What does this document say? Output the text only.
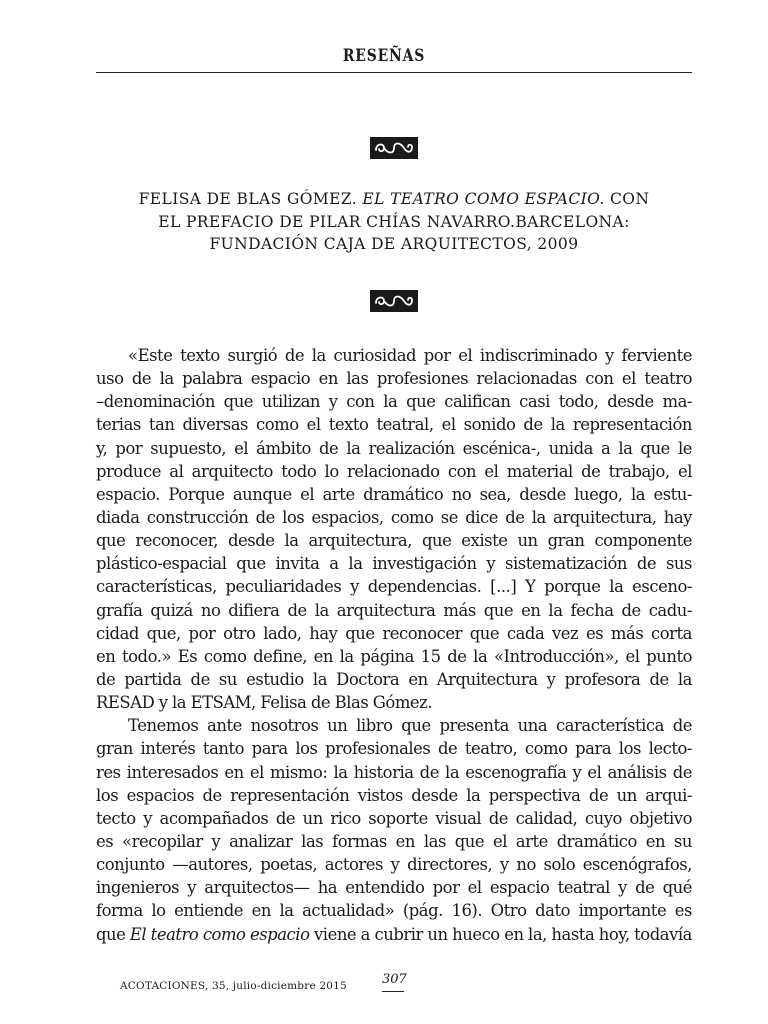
RESEÑAS
FELISA DE BLAS GÓMEZ. EL TEATRO COMO ESPACIO. CON
EL PREFACIO DE PILAR CHÍAS NAVARRO.BARCELONA:
FUNDACIÓN CAJA DE ARQUITECTOS, 2009
«Este texto surgió de la curiosidad por el indiscriminado y ferviente
uso de la palabra espacio en las profesiones relacionadas con el teatro
–denominación que utilizan y con la que califican casi todo, desde ma-
terias tan diversas como el texto teatral, el sonido de la representación
y, por supuesto, el ámbito de la realización escénica-, unida a la que le
produce al arquitecto todo lo relacionado con el material de trabajo, el
espacio. Porque aunque el arte dramático no sea, desde luego, la estu-
diada construcción de los espacios, como se dice de la arquitectura, hay
que reconocer, desde la arquitectura, que existe un gran componente
plástico-espacial que invita a la investigación y sistematización de sus
características, peculiaridades y dependencias. [...] Y porque la esceno-
grafía quizá no difiera de la arquitectura más que en la fecha de cadu-
cidad que, por otro lado, hay que reconocer que cada vez es más corta
en todo.» Es como define, en la página 15 de la «Introducción», el punto
de partida de su estudio la Doctora en Arquitectura y profesora de la
RESAD y la ETSAM, Felisa de Blas Gómez.
Tenemos ante nosotros un libro que presenta una característica de
gran interés tanto para los profesionales de teatro, como para los lecto-
res interesados en el mismo: la historia de la escenografía y el análisis de
los espacios de representación vistos desde la perspectiva de un arqui-
tecto y acompañados de un rico soporte visual de calidad, cuyo objetivo
es «recopilar y analizar las formas en las que el arte dramático en su
conjunto —autores, poetas, actores y directores, y no solo escenógrafos,
ingenieros y arquitectos— ha entendido por el espacio teatral y de qué
forma lo entiende en la actualidad» (pág. 16). Otro dato importante es
que El teatro como espacio viene a cubrir un hueco en la, hasta hoy, todavía
ACOTACIONES, 35, julio-diciembre 2015	307
